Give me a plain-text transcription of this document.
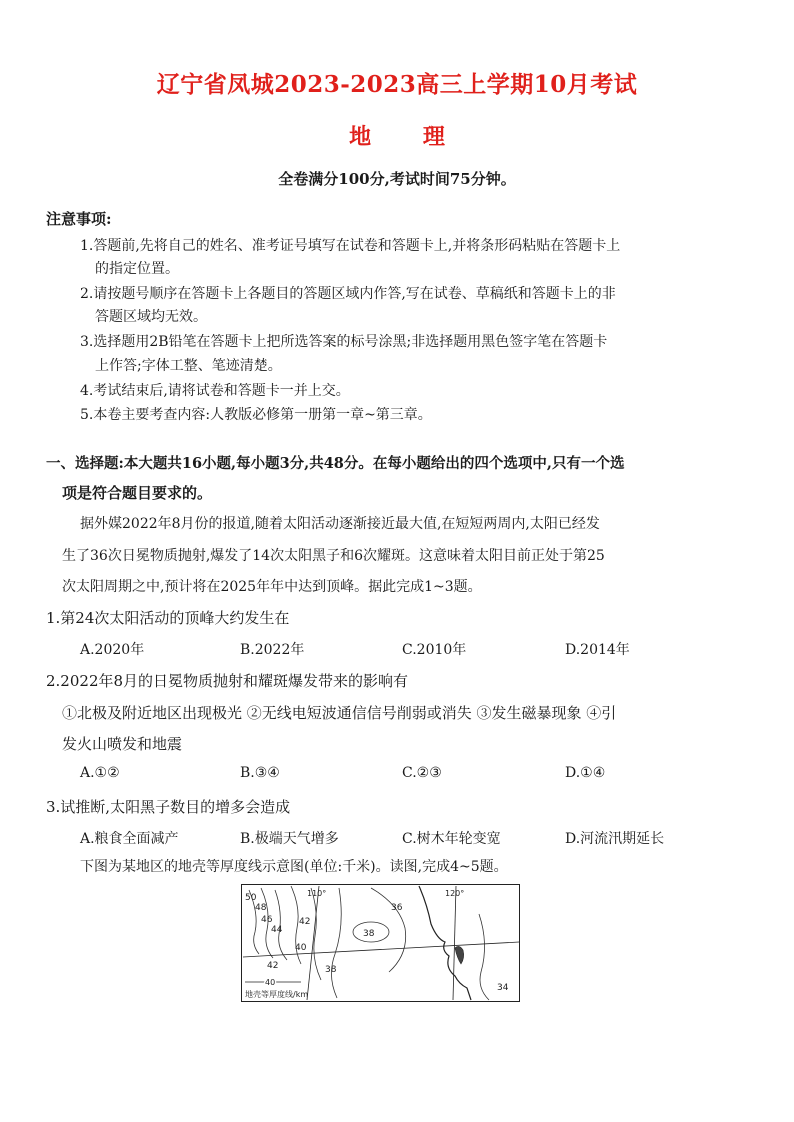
辽宁省凤城2023-2023高三上学期10月考试
地 理
全卷满分100分,考试时间75分钟。
注意事项:
1.答题前,先将自己的姓名、准考证号填写在试卷和答题卡上,并将条形码粘贴在答题卡上
的指定位置。
2.请按题号顺序在答题卡上各题目的答题区域内作答,写在试卷、草稿纸和答题卡上的非
答题区域均无效。
3.选择题用2B铅笔在答题卡上把所选答案的标号涂黑;非选择题用黑色签字笔在答题卡
上作答;字体工整、笔迹清楚。
4.考试结束后,请将试卷和答题卡一并上交。
5.本卷主要考查内容:人教版必修第一册第一章~第三章。
一、选择题:本大题共16小题,每小题3分,共48分。在每小题给出的四个选项中,只有一个选
项是符合题目要求的。
据外媒2022年8月份的报道,随着太阳活动逐渐接近最大值,在短短两周内,太阳已经发
生了36次日冕物质抛射,爆发了14次太阳黑子和6次耀斑。这意味着太阳目前正处于第25
次太阳周期之中,预计将在2025年年中达到顶峰。据此完成1~3题。
1.第24次太阳活动的顶峰大约发生在
A.2020年	B.2022年	C.2010年	D.2014年
2.2022年8月的日冕物质抛射和耀斑爆发带来的影响有
①北极及附近地区出现极光 ②无线电短波通信信号削弱或消失 ③发生磁暴现象 ④引
发火山喷发和地震
A.①②	B.③④	C.②③	D.①④
3.试推断,太阳黑子数目的增多会造成
A.粮食全面减产	B.极端天气增多	C.树木年轮变宽	D.河流汛期延长
下图为某地区的地壳等厚度线示意图(单位:千米)。读图,完成4~5题。
110°	120°
50
48
46
44
42
40
42
36
38
38
34
40
地壳等厚度线/km
